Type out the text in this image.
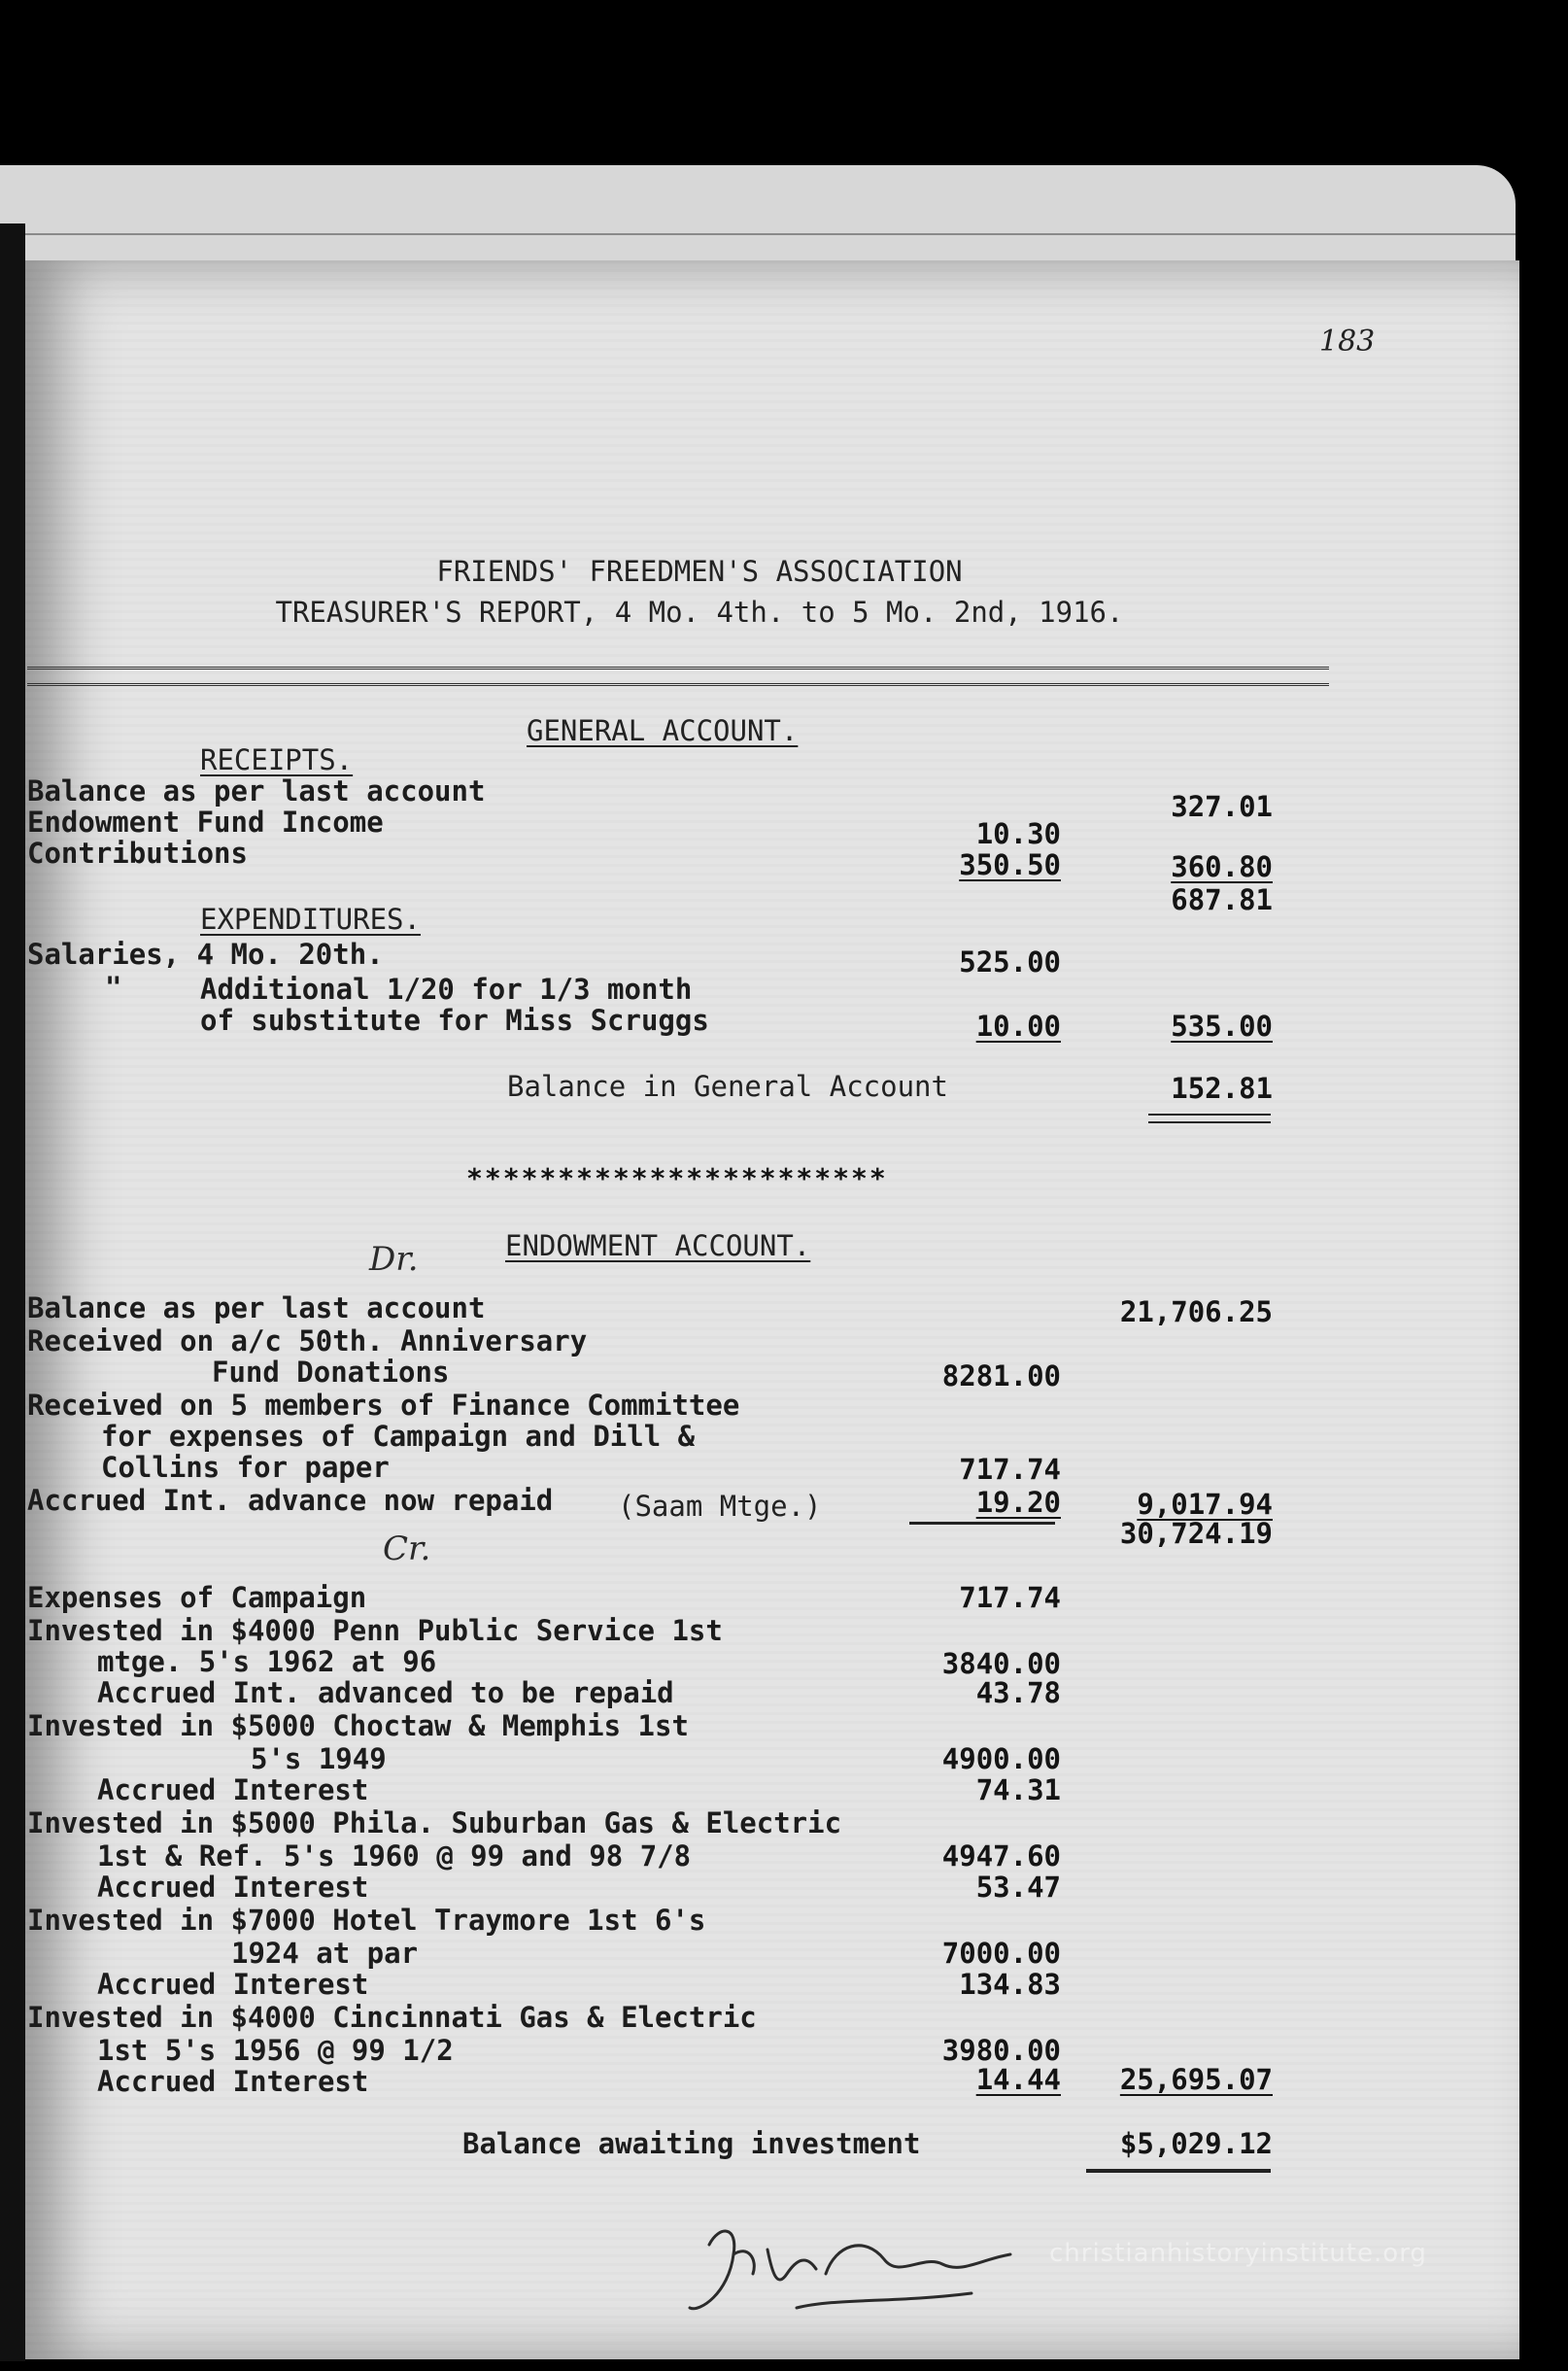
183
FRIENDS' FREEDMEN'S ASSOCIATION
TREASURER'S REPORT, 4 Mo. 4th. to 5 Mo. 2nd, 1916.
GENERAL ACCOUNT.
RECEIPTS.
Balance as per last account	327.01
Endowment Fund Income	10.30
Contributions	350.50	360.80
687.81
EXPENDITURES.
Salaries, 4 Mo. 20th.	525.00
"	Additional 1/20 for 1/3 month
of substitute for Miss Scruggs	10.00	535.00
Balance in General Account	152.81
***********************
Dr.	ENDOWMENT ACCOUNT.
Balance as per last account	21,706.25
Received on a/c 50th. Anniversary
Fund Donations	8281.00
Received on 5 members of Finance Committee
for expenses of Campaign and Dill &
Collins for paper	717.74
Accrued Int. advance now repaid (Saam Mtge.)	19.20	9,017.94
30,724.19
Cr.
Expenses of Campaign	717.74
Invested in $4000 Penn Public Service 1st
mtge. 5's 1962 at 96	3840.00
Accrued Int. advanced to be repaid	43.78
Invested in $5000 Choctaw & Memphis 1st
5's 1949	4900.00
Accrued Interest	74.31
Invested in $5000 Phila. Suburban Gas & Electric
1st & Ref. 5's 1960 @ 99 and 98 7/8	4947.60
Accrued Interest	53.47
Invested in $7000 Hotel Traymore 1st 6's
1924 at par	7000.00
Accrued Interest	134.83
Invested in $4000 Cincinnati Gas & Electric
1st 5's 1956 @ 99 1/2	3980.00
Accrued Interest	14.44	25,695.07
Balance awaiting investment	$5,029.12
christianhistoryinstitute.org
